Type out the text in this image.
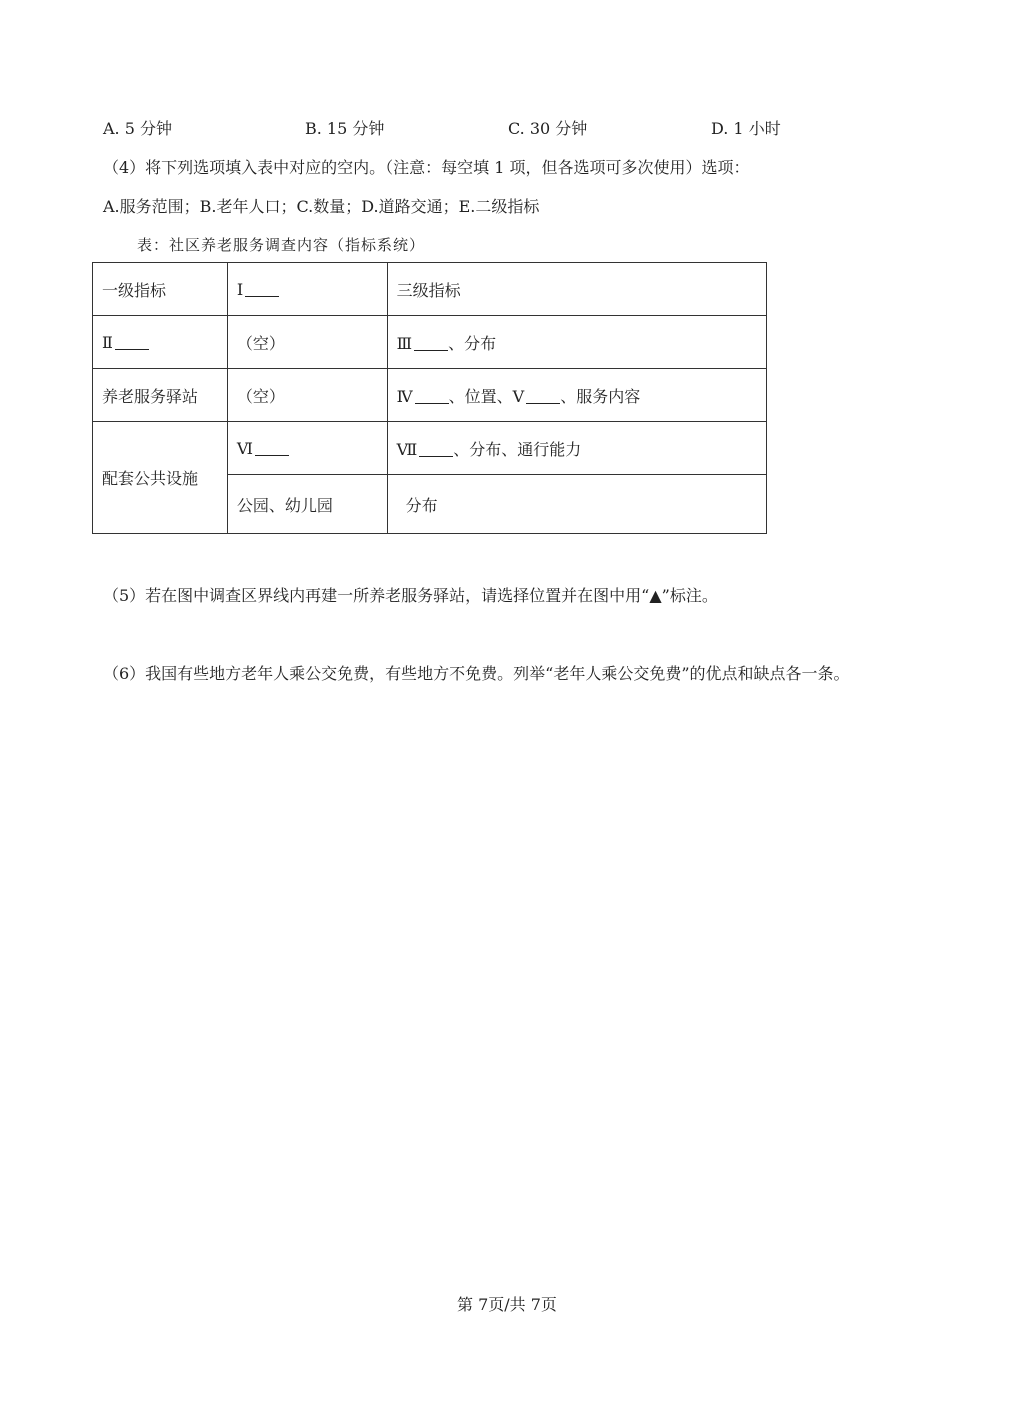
A. 5 分钟	B. 15 分钟	C. 30 分钟	D. 1 小时
（4）将下列选项填入表中对应的空内。（注意：每空填 1 项，但各选项可多次使用）选项：
A.服务范围；B.老年人口；C.数量；D.道路交通；E.二级指标
表：社区养老服务调查内容（指标系统）
一级指标	Ⅰ	三级指标
Ⅱ	（空）	Ⅲ 、分布
养老服务驿站	（空）	Ⅳ 、位置、Ⅴ 、服务内容
配套公共设施	Ⅵ	Ⅶ 、分布、通行能力
	公园、幼儿园	分布
（5）若在图中调查区界线内再建一所养老服务驿站，请选择位置并在图中用“▲”标注。
（6）我国有些地方老年人乘公交免费，有些地方不免费。列举“老年人乘公交免费”的优点和缺点各一条。
第 7页/共 7页
